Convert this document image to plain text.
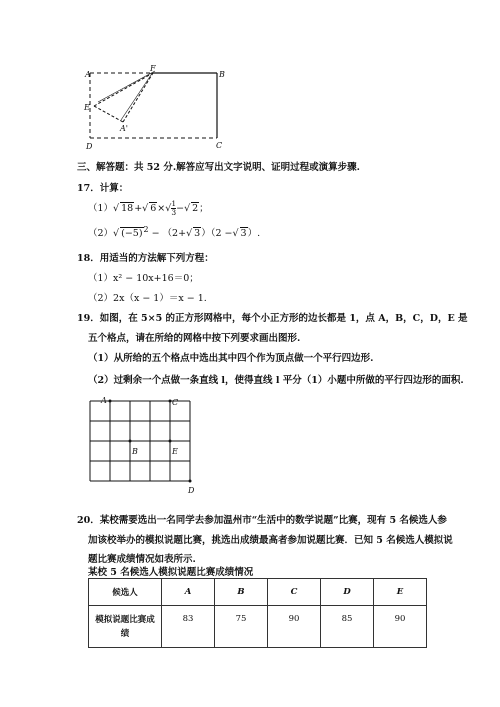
A
F
B
E
A'
D	C
三、解答题：共 52 分.解答应写出文字说明、证明过程或演算步骤.
17．计算：
（1）√ 18+√ $6\times√ \frac{1}{3}$ −√ 2；
（2）√ $(-5)^2 - (2+√$ 3）（2 −√ 3）.
18．用适当的方法解下列方程：
（1）x² − 10x+16＝0；
（2）2x（x − 1）＝x − 1.
19．如图，在 5×5 的正方形网格中，每个小正方形的边长都是 1，点 A，B，C，D，E 是
五个格点，请在所给的网格中按下列要求画出图形.
（1）从所给的五个格点中选出其中四个作为顶点做一个平行四边形.
（2）过剩余一个点做一条直线 l，使得直线 l 平分（1）小题中所做的平行四边形的面积.
A	C
B	E
D
20．某校需要选出一名同学去参加温州市“生活中的数学说题”比赛，现有 5 名候选人参
加该校举办的模拟说题比赛，挑选出成绩最高者参加说题比赛．已知 5 名候选人模拟说
题比赛成绩情况如表所示.
某校 5 名候选人模拟说题比赛成绩情况
候选人	A	B	C	D	E
模拟说题比赛成
绩	83	75	90	85	90
